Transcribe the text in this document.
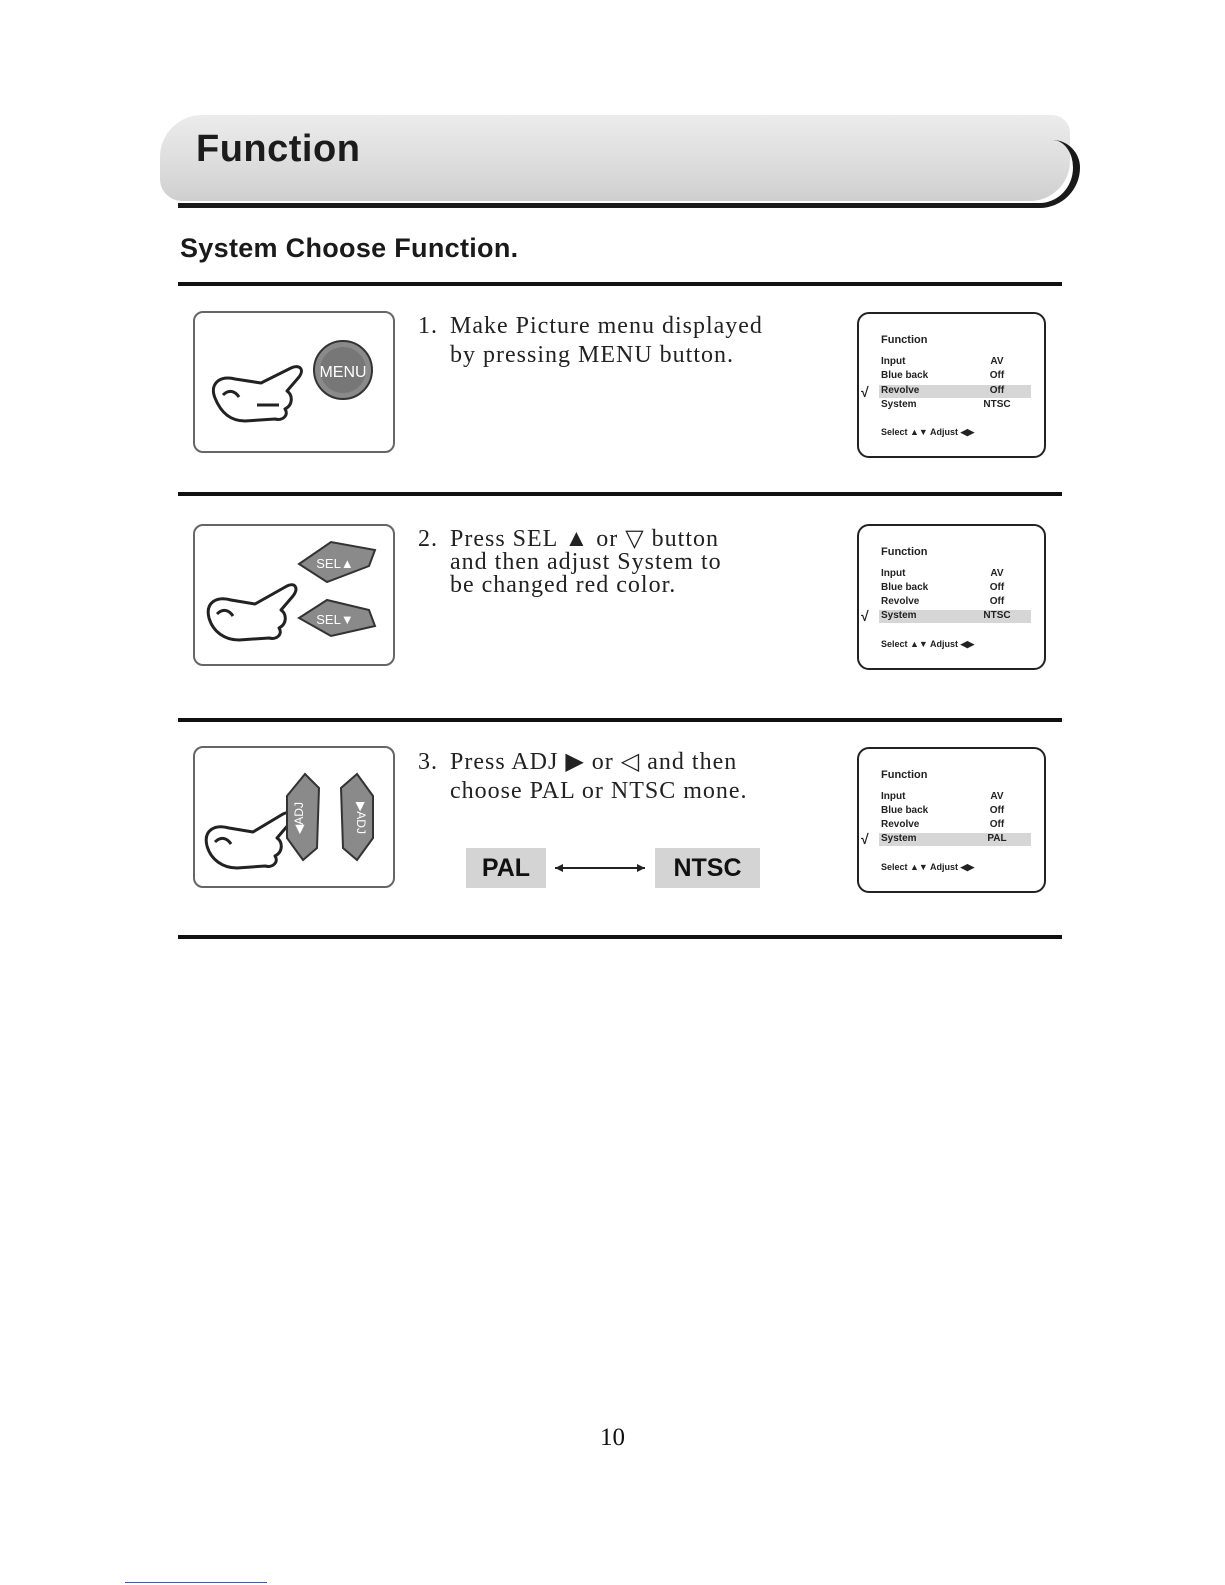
Function
System Choose Function.
MENU
1. Make Picture menu displayed
by pressing MENU button.
Function
Input	AV
Blue back	Off
√ Revolve	Off
System	NTSC
Select ▲▼ Adjust ◀▶
SEL▲
SEL▼
2. Press SEL ▲ or ▽ button
and then adjust System to
be changed red color.
Function
Input	AV
Blue back	Off
Revolve	Off
√ System	NTSC
Select ▲▼ Adjust ◀▶
◀ADJ	▶ADJ
3. Press ADJ ▶ or ◁ and then
choose PAL or NTSC mone.
PAL	NTSC
Function
Input	AV
Blue back	Off
Revolve	Off
√ System	PAL
Select ▲▼ Adjust ◀▶
10
